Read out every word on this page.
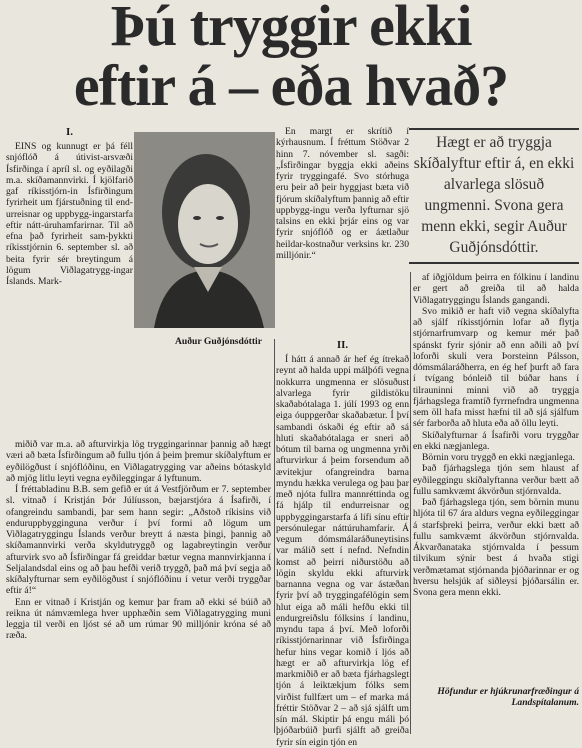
Þú tryggir ekki
eftir á – eða hvað?
I.

EINS og kunnugt er þá féll snjóflóð á útivist-arsvæði Ísfirðinga í apríl sl. og eyðilagði m.a. skíðamannvirki. Í kjölfarið gaf ríkisstjórn-in Ísfirðingum fyrirheit um fjárstuðning til end-urreisnar og uppbygg-ingarstarfa eftir nátt-úruhamfarirnar. Til að efna það fyrirheit sam-þykkti ríkisstjórnin 6. september sl. að beita fyrir sér breytingum á lögum Viðlagatrygg-ingar Íslands. Mark-

Auður Guðjónsdóttir

miðið var m.a. að afturvirkja lög tryggingarinnar þannig að hægt væri að bæta Ísfirðingum að fullu tjón á þeim þremur skíðalyftum er eyðilögðust í snjóflóðinu, en Viðlagatrygging var aðeins bótaskyld að mjög litlu leyti vegna eyðileggingar á lyftunum.

Í fréttabladinu B.B. sem gefið er út á Vestfjörðum er 7. september sl. vitnað í Kristján Þór Júlíusson, bæjarstjóra á Ísafirði, í ofangreindu sambandi, þar sem hann segir: „Aðstoð ríkisins við enduruppbygginguna verður í því formi að lögum um Viðlagatryggingu Íslands verður breytt á næsta þingi, þannig að skíðamannvirki verða skyldutryggð og lagabreytingin verður afturvirk svo að Ísfirðingar fá greiddar bætur vegna mannvirkjanna í Seljalandsdal eins og að þau hefði verið tryggð, það má því segja að skíðalyfturnar sem eyðilögðust í snjóflóðinu í vetur verði tryggðar eftir á!“

Enn er vitnað í Kristján og kemur þar fram að ekki sé búið að reikna út námvæmlega hver upphæðin sem Viðlagatrygging muni leggja til verði en ljóst sé að um rúmar 90 milljónir króna sé að ræða.

En margt er skrítið í kýrhausnum. Í fréttum Stöðvar 2 hinn 7. nóvember sl. sagði: „Ísfirðingar byggja ekki aðeins fyrir tryggingafé. Svo stórhuga eru þeir að þeir hyggjast bæta við fjórum skíðalyftum þannig að eftir uppbygg-ingu verða lyfturnar sjö talsins en ekki þrjár eins og var fyrir snjóflóð og er áætlaður heildar-kostnaður verksins kr. 230 milljónir.“

II.

Í hátt á annað ár hef ég ítrekað reynt að halda uppi málþófi vegna nokkurra ungmenna er slösuðust alvarlega fyrir gildistöku skaðabótalaga 1. júlí 1993 og enn eiga óuppgerðar skaðabætur. Í því sambandi óskaði ég eftir að sá hluti skaðabótalaga er sneri að bótum til barna og ungmenna yrði afturvirkur á þeim forsendum að ævitekjur ofangreindra barna myndu hækka verulega og þau þar með njóta fullra mannréttinda og fá hjálp til endurreisnar og uppbyggingarstarfa á lífi sínu eftir persónulegar náttúruhamfarir. Á vegum dómsmálaráðuneytisins var málið sett í nefnd. Nefndin komst að þeirri niðurstöðu að lögin skyldu ekki afturvirk barnanna vegna og var ástæðan fyrir því að tryggingafélögin sem hlut eiga að máli hefðu ekki til endurgreiðslu fólksins í landinu, myndu tapa á því. Með loforði ríkisstjórnarinnar við Ísfirðinga hefur hins vegar komið í ljós að hægt er að afturvirkja lög ef markmiðið er að bæta fjárhagslegt tjón á leiktækjum fólks sem virðist fullfært um – ef marka má fréttir Stöðvar 2 – að sjá sjálft um sín mál. Skiptir þá engu máli þó þjóðarbúið þurfi sjálft að greiða fyrir sín eigin tjón en

Hægt er að tryggja skíðalyftur eftir á, en ekki alvarlega slösuð ungmenni. Svona gera menn ekki, segir Auður Guðjónsdóttir.

af iðgjöldum þeirra en fólkinu í landinu er gert að greiða til að halda Viðlagatryggingu Íslands gangandi.

Svo mikið er haft við vegna skíðalyfta að sjálf ríkisstjórnin lofar að flytja stjórnarfrumvarp og kemur mér það spánskt fyrir sjónir að enn aðili að því loforði skuli vera Þorsteinn Pálsson, dómsmálaráðherra, en ég hef þurft að fara í tvígang bónleið til búðar hans í tilrauninni minni við að tryggja fjárhagslega framtíð fyrrnefndra ungmenna sem öll hafa misst hæfni til að sjá sjálfum sér farborða að hluta eða að öllu leyti.

Skíðalyfturnar á Ísafirði voru tryggðar en ekki nægjanlega.

Börnin voru tryggð en ekki nægjanlega.

Það fjárhagslega tjón sem hlaust af eyðileggingu skíðalyftanna verður bætt að fullu samkvæmt ákvörðun stjórnvalda.

Það fjárhagslega tjón, sem börnin munu hljóta til 67 ára aldurs vegna eyðileggingar á starfsþreki þeirra, verður ekki bætt að fullu samkvæmt ákvörðun stjórnvalda. Ákvarðanataka stjórnvalda í þessum tilvikum sýnir best á hvaða stigi verðmætamat stjórnanda þjóðarinnar er og hversu helsjúk af siðleysi þjóðarsálin er. Svona gera menn ekki.

Höfundur er hjúkrunarfræðingur á Landspítalanum.
